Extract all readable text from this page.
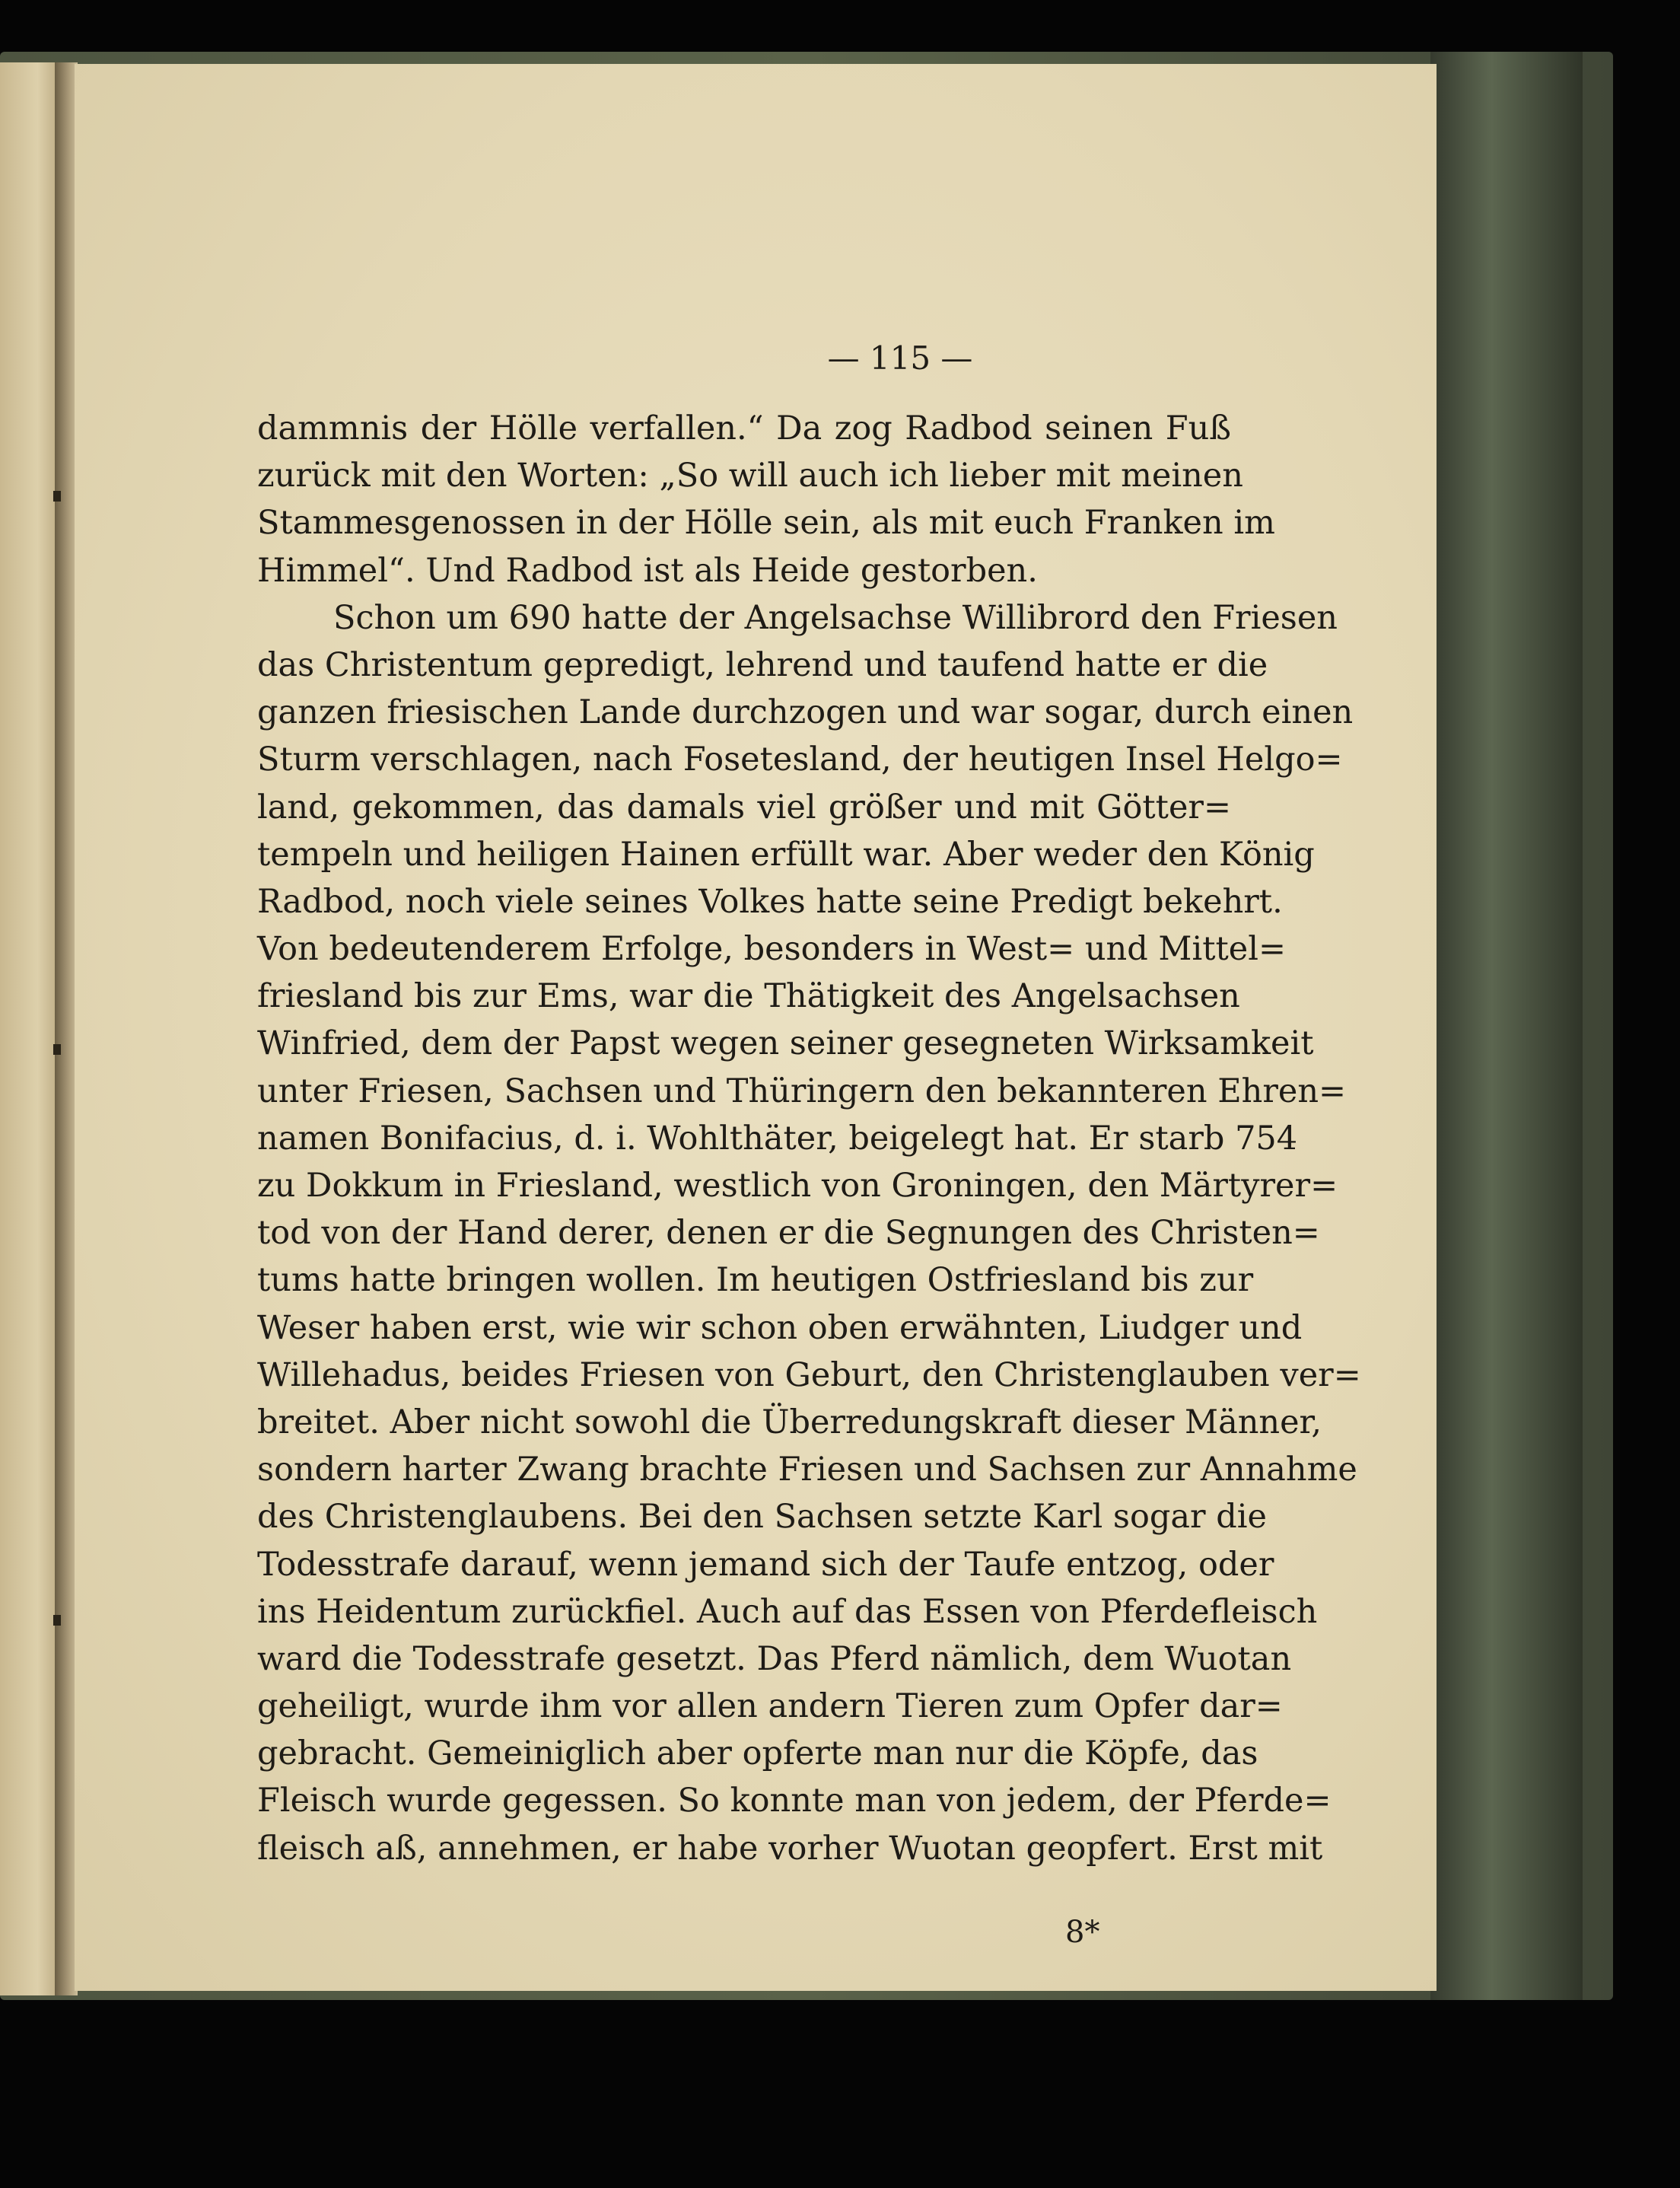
— 115 —
dammnis der Hölle verfallen.“ Da zog Radbod seinen Fuß
zurück mit den Worten: „So will auch ich lieber mit meinen
Stammesgenossen in der Hölle sein, als mit euch Franken im
Himmel“. Und Radbod ist als Heide gestorben.
Schon um 690 hatte der Angelsachse Willibrord den Friesen
das Christentum gepredigt, lehrend und taufend hatte er die
ganzen friesischen Lande durchzogen und war sogar, durch einen
Sturm verschlagen, nach Fosetesland, der heutigen Insel Helgo=
land, gekommen, das damals viel größer und mit Götter=
tempeln und heiligen Hainen erfüllt war. Aber weder den König
Radbod, noch viele seines Volkes hatte seine Predigt bekehrt.
Von bedeutenderem Erfolge, besonders in West= und Mittel=
friesland bis zur Ems, war die Thätigkeit des Angelsachsen
Winfried, dem der Papst wegen seiner gesegneten Wirksamkeit
unter Friesen, Sachsen und Thüringern den bekannteren Ehren=
namen Bonifacius, d. i. Wohlthäter, beigelegt hat. Er starb 754
zu Dokkum in Friesland, westlich von Groningen, den Märtyrer=
tod von der Hand derer, denen er die Segnungen des Christen=
tums hatte bringen wollen. Im heutigen Ostfriesland bis zur
Weser haben erst, wie wir schon oben erwähnten, Liudger und
Willehadus, beides Friesen von Geburt, den Christenglauben ver=
breitet. Aber nicht sowohl die Überredungskraft dieser Männer,
sondern harter Zwang brachte Friesen und Sachsen zur Annahme
des Christenglaubens. Bei den Sachsen setzte Karl sogar die
Todesstrafe darauf, wenn jemand sich der Taufe entzog, oder
ins Heidentum zurückfiel. Auch auf das Essen von Pferdefleisch
ward die Todesstrafe gesetzt. Das Pferd nämlich, dem Wuotan
geheiligt, wurde ihm vor allen andern Tieren zum Opfer dar=
gebracht. Gemeiniglich aber opferte man nur die Köpfe, das
Fleisch wurde gegessen. So konnte man von jedem, der Pferde=
fleisch aß, annehmen, er habe vorher Wuotan geopfert. Erst mit
8*
